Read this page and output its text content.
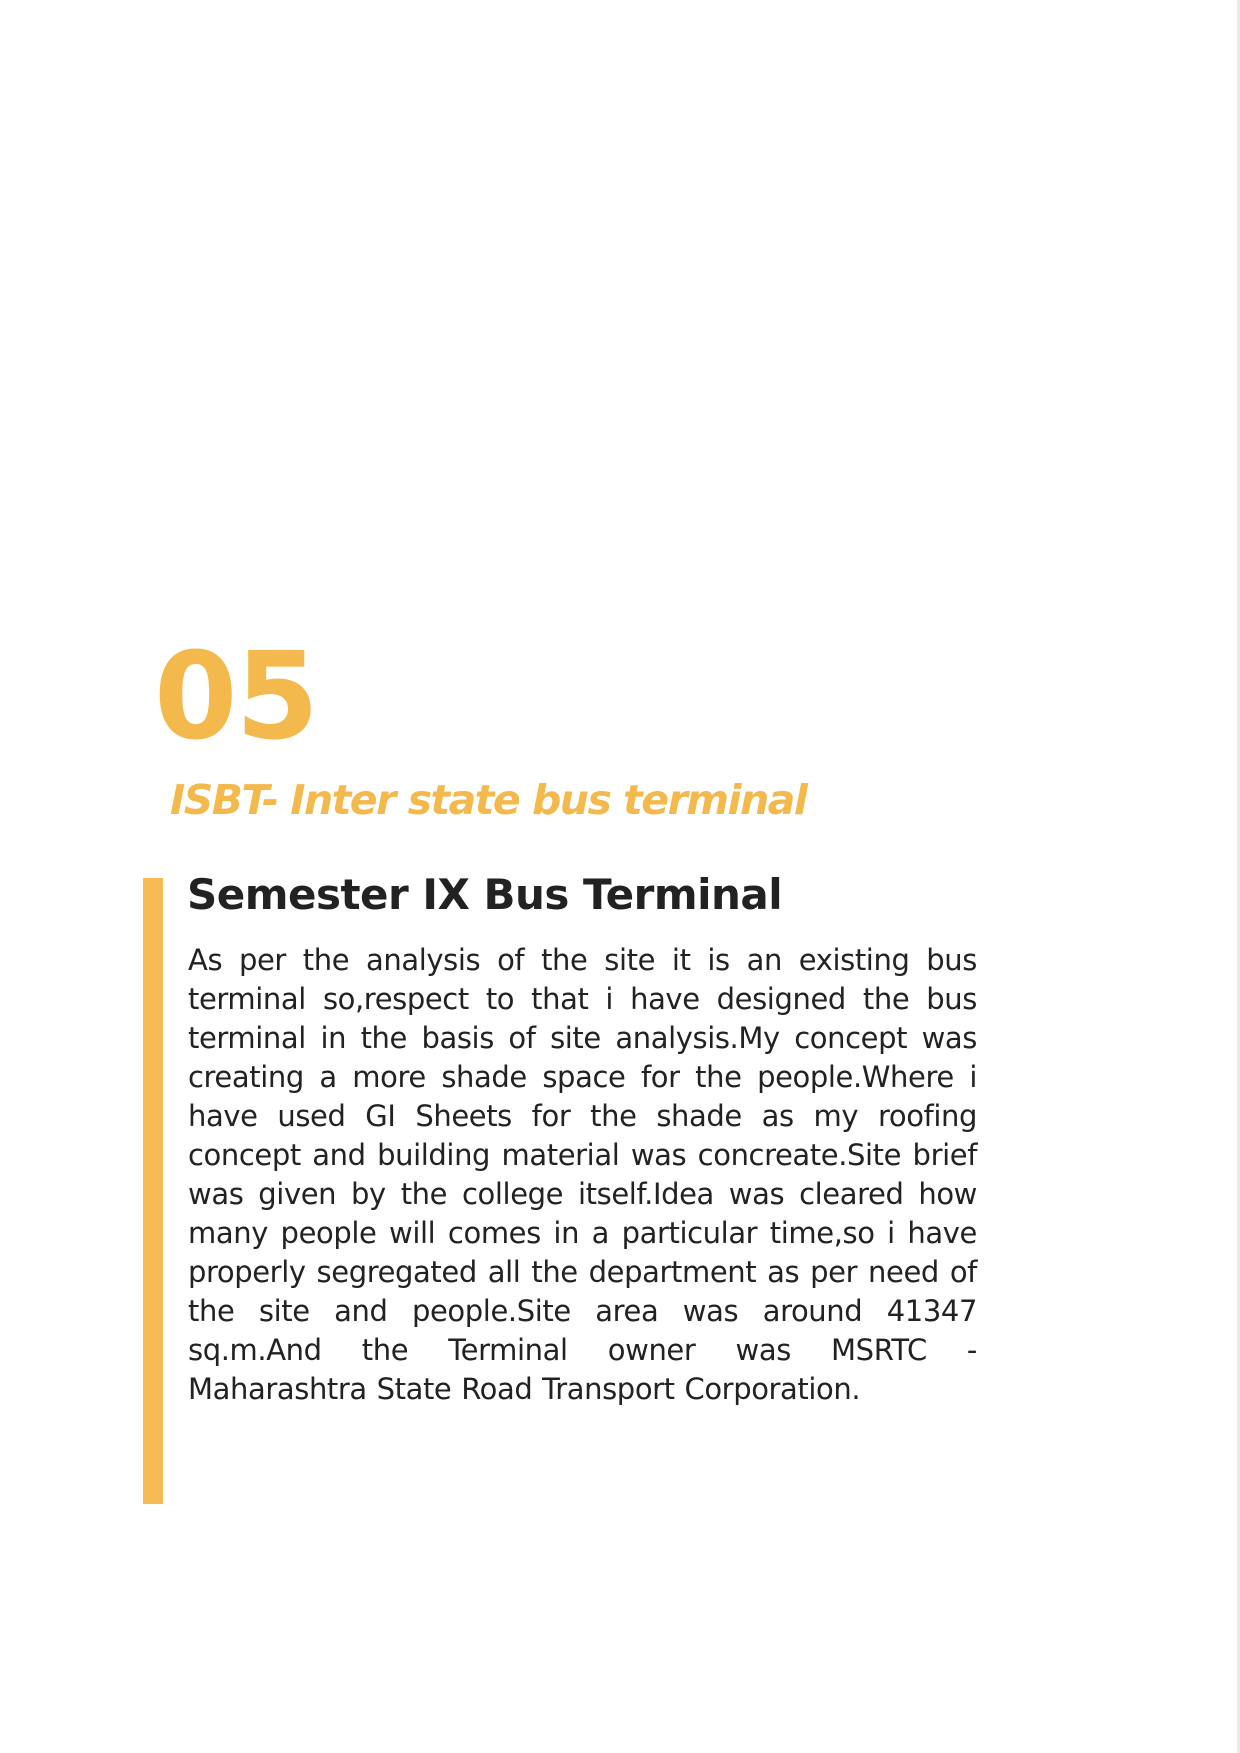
05
ISBT- Inter state bus terminal
Semester IX Bus Terminal

As per the analysis of the site it is an existing bus terminal so,respect to that i have designed the bus terminal in the basis of site analysis.My concept was creating a more shade space for the people.Where i have used GI Sheets for the shade as my roofing concept and building material was concreate.Site brief was given by the college itself.Idea was cleared how many people will comes in a particular time,so i have properly segregated all the department as per need of the site and people.Site area was around 41347 sq.m.And the Terminal owner was MSRTC - Maharashtra State Road Transport Corporation.
